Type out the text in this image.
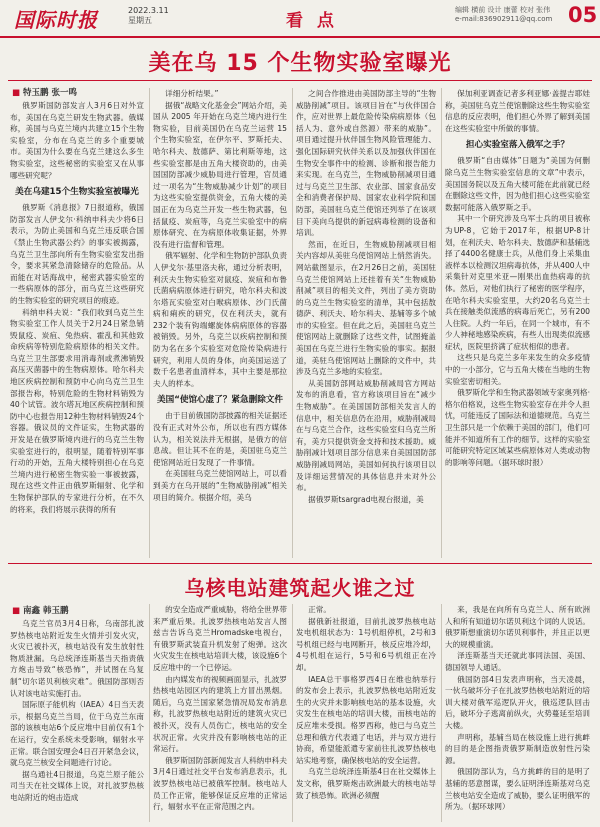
国际时报	2022.3.11
星期五	看 点
编辑 横前 设计 康蕾 校对 张伟
e-mail:836902911@qq.com 05
美在乌 15 个生物实验室曝光
■ 特玉鹏 张一鸣

俄罗斯国防部发言人3月6日对外宣布，美国在乌克兰研发生物武器。俄媒称，美国与乌克兰境内共建立15个生物实验室，分布在乌克兰的多个重要城市。美国为什么要在乌克兰建这么多生物实验室，这些秘密的实验室又在从事哪些研究呢？

美在乌建15个生物实验室被曝光

俄罗斯《消息报》7日报道称，俄国防部发言人伊戈尔·科纳申科夫少将6日表示，为防止美国和乌克兰违反联合国《禁止生物武器公约》的事实被揭露，乌克兰卫生部向所有生物实验室发出指令，要求其紧急清除储存的危险品。从而能在对话海战中，秘密武器实验室的一些病原体的部分，而乌克兰这些研究的生物实验室的研究项目的痕迹。

科纳申科夫说：“我们收到乌克兰生物实验室工作人员关于2月24日紧急销毁鼠疫、炭疽、兔热病、霍乱和其他致命疾病等特别危险病原体的相关文件。乌克兰卫生部要求用消毒剂或煮沸销毁高压灭菌器中的生物病原体。哈尔科夫地区疾病控制和预防中心向乌克兰卫生部报告称，特别危险的生物材料销毁为40个试管。波尔塔瓦地区疾病控制和预防中心也报告用12种生物材料销毁24个容器。俄议员的文件证实，生物武器的开发是在俄罗斯境内进行的乌克兰生物实验室进行的，很明显，随着特别军事行动的开始，五角大楼特别担心在乌克兰境内进行秘密生物实验一事被披露，现在这些文件正由俄罗斯辐射、化学和生物保护部队的专家进行分析，在不久的将来，我们将展示获得的所有

详细分析结果。”

据俄“战略文化基金会”网站介绍，美国从 2005 年开始在乌克兰境内进行生物实验，目前美国仍在乌克兰运营 15 个生物实验室，在伊尔平、罗斯托夫、哈尔科夫、敖德萨、第比利斯等地，这些实验室都是由五角大楼资助的，由美国国防部减少威胁局进行管理，官员通过一项名为“生物威胁减少计划”的项目为这些实验室提供资金，五角大楼的美国正在为乌克兰开发一些生物武器，包括鼠疫、炭疽等，乌克兰实验室中的病原体研究、在为病原体收集证据，外界没有进行监督和管理。

俄军辐射、化学和生物防护部队负责人伊戈尔·基里洛夫称，通过分析表明，利沃夫生物实验室对鼠疫、炭疽和布鲁氏菌病病原体进行研究，哈尔科夫和波尔塔瓦实验室对白喉病原体、沙门氏菌病和痢疾的研究，仅在利沃夫，就有232个装有钩端螺旋体病病原体的容器被销毁。另外，乌克兰以疾病控制和预防为名在多个实验室对危险传染病进行研究，利用人员的身体，向美国运送了数千名患者血清样本，其中主要是那拉夫人的样本。

美国“使馆心虚了？紧急删除文件

由于目前俄国防部披露的相关证据还没有正式对外公布，所以也有西方媒体认为，相关说法并无根据，是俄方的信息战。但让其不在的是，美国驻乌克兰使馆网站近日发现了一件事情。

在美国驻乌克兰使馆网站上，可以看到美方在乌开展的“生物威胁削减”相关项目的简介。根据介绍，美乌

之间合作推进由美国防部主导的“生物威胁削减”项目。该项目旨在“与伙伴国合作，应对世界上最危险传染病病原体（包括人为、意外或自然源）带来的威胁”。项目通过提升伙伴国生物风险管理能力、强化国际研究伙伴关系以及加强伙伴国在生物安全事件中的检测、诊断和报告能力来实现。在乌克兰，生物威胁削减项目通过与乌克兰卫生部、农业部、国家食品安全和消费者保护局、国家农业科学院和国防部，美国驻乌克兰使馆还列举了在该项目下美向乌提供的新冠病毒检测的设备和培训。

然而，在近日，生物威胁削减项目相关内容却从美驻乌使馆网站上悄然消失。网站截图显示，在2月26日之前，美国驻乌克兰使馆网站上还挂着有关“生物威胁削减”项目的相关文件，列出了美方资助的乌克兰生物实验室的清单，其中包括敖德萨、利沃夫、哈尔科夫、基辅等多个城市的实验室。但在此之后，美国驻乌克兰使馆网站上就删除了这些文件，试图掩盖美国在乌克兰进行生物实验的事实。据报道，美驻乌使馆网站上删除的文件中，共涉及乌克兰多地的实验室。

从美国防部网站威胁削减局官方网站发布的消息看，官方称该项目旨在“减少生物威胁”。在美国国防部相关发言人的信息中，相关信息仍在沿用，威胁削减局在与乌克兰合作，这些实验室归乌克兰所有，美方只提供资金支持和技术援助。威胁削减计划项目部分信息来自美国国防部威胁削减局网站，美国如何执行该项目以及详细运营情况的具体信息并未对外公布。

据俄罗斯tsargrad电视台报道，美

保加利亚调查记者多利亚娜·盖提吉耶娃称，美国驻乌克兰使馆删除这些生物实验室信息的反应表明，他们担心外界了解到美国在这些实验室中所做的事情。

担心实验室落入俄军之手？

俄罗斯“自由媒体”日题为“美国为何删除乌克兰生物实验室信息的文章”中表示，美国国务院以及五角大楼可能在此前就已经在删除这些文件，因为他们担心这些实验室数据可能落入俄罗斯之手。

其中一个研究涉及乌军士兵的项目被称为UP-8，它始于2017年，根据UP-8计划，在利沃夫、哈尔科夫、敖德萨和基辅选择了4400名健康士兵，从他们身上采集血液样本以检测汉坦病毒抗体，并从400人中采集针对克里米亚—刚果出血热病毒的抗体。然后，对他们执行了秘密的医学程序，在哈尔科夫实验室里，大约20名乌克兰士兵在接触类似流感的病毒后死亡，另有200人住院。人约一年后，在同一个城市，有不少人神秘地感染疾病，有些人出现类似流感症状，医院里挤满了症状相似的患者。

这些只是乌克兰多年来发生的众多疫情中的一小部分，它与五角大楼在当地的生物实验室密切相关。

俄罗斯化学和生物武器领域专家奥列格·格尔伯格说，这些生物实验室存在并令人担忧，可能违反了国际法和道德规范。乌克兰卫生部只是一个依赖于美国的部门，他们可能并不知道所有工作的细节。这样的实验室可能研究特定区域某些病原体对人类或动物的影响等问题。（据环球时报）

乌核电站建筑起火谁之过
■ 南鑫 韩玉鹏

乌克兰官员3月4日称，乌南部扎波罗热核电站附近发生火情并引发火灾，火灾已被扑灭，核电站没有发生放射性物质泄漏。乌总统泽连斯基当天指责俄方炮击导致“核恐怖”，并试图在乌复制“切尔诺贝利核灾难”。俄国防部则否认对该电站实施打击。

国际原子能机构（IAEA）4日当天表示，根据乌克兰当局，位于乌克兰东南部的该核电站6个反应堆中目前仅有1个在运行，安全系统未受影响，辐射水平正常。联合国安理会4日召开紧急会议，就乌克兰核安全问题进行讨论。

据乌通社4日报道，乌克兰原子能公司当天在社交媒体上说，对扎波罗热核电站附近的炮击造成

的安全造成严重威胁，将给全世界带来严重后果。扎波罗热核电站发言人图兹吉告诉乌克兰Hromadske电视台，有俄罗斯武装直升机发射了炮弹。这次火灾发生在核电站培训大楼，该设施6个反应堆中的一个已停运。

由内媒发布的视频画面显示，扎波罗热核电站园区内的建筑上方冒出黑烟。随后，乌克兰国家紧急情况局发布消息称，扎波罗热核电站附近的建筑火灾已被扑灭，没有人员伤亡，核电站的安全状况正常。火灾并没有影响核电站的正常运行。

俄罗斯国防部新闻发言人科纳申科夫3月4日通过社交平台发布消息表示，扎波罗热核电站已被俄军控制。核电站人员工作正常，能够保证反应堆的正常运行，辐射水平在正常范围之内。

正常。

据俄新社报道，目前扎波罗热核电站发电机组状态为：1号机组停机，2号和3号机组已经与电网断开，核反应堆冷却，4号机组在运行，5号和6号机组正在冷却。

IAEA总干事格罗西4日在维也纳举行的发布会上表示，扎波罗热核电站附近发生的火灾并未影响核电站的基本设施，火灾发生在核电站的培训大楼，而核电站的反应堆未受损。格罗西称，他已与乌克兰总理和俄方代表通了电话，并与双方进行协商，希望能派遣专家前往扎波罗热核电站实地考察，确保核电站的安全运营。

乌克兰总统泽连斯基4日在社交媒体上发文称，俄罗斯炮击欧洲最大的核电站导致了核恐怖。欧洲必须醒

来，我是在向所有乌克兰人、所有欧洲人和所有知道切尔诺贝利这个词的人说话。俄罗斯想重演切尔诺贝利事件，并且正以更大的规模重演。

泽连斯基当天还就此事同法国、美国、德国领导人通话。

俄国防部4日发表声明称，当天凌晨，一伙乌破坏分子在扎波罗热核电站附近的培训大楼对俄军巡逻队开火，俄巡逻队回击后，破坏分子逃离前纵火，火势蔓延至培训大楼。

声明称，基辅当局在核设施上进行挑衅的目的是企图指责俄罗斯制造放射性污染源。

俄国防部认为，乌方挑衅的目的是明了基辅的恶意图谋，要么证明泽连斯基对乌克兰核电站安全造成了威胁，要么证明俄军的所为。（据环球网）
